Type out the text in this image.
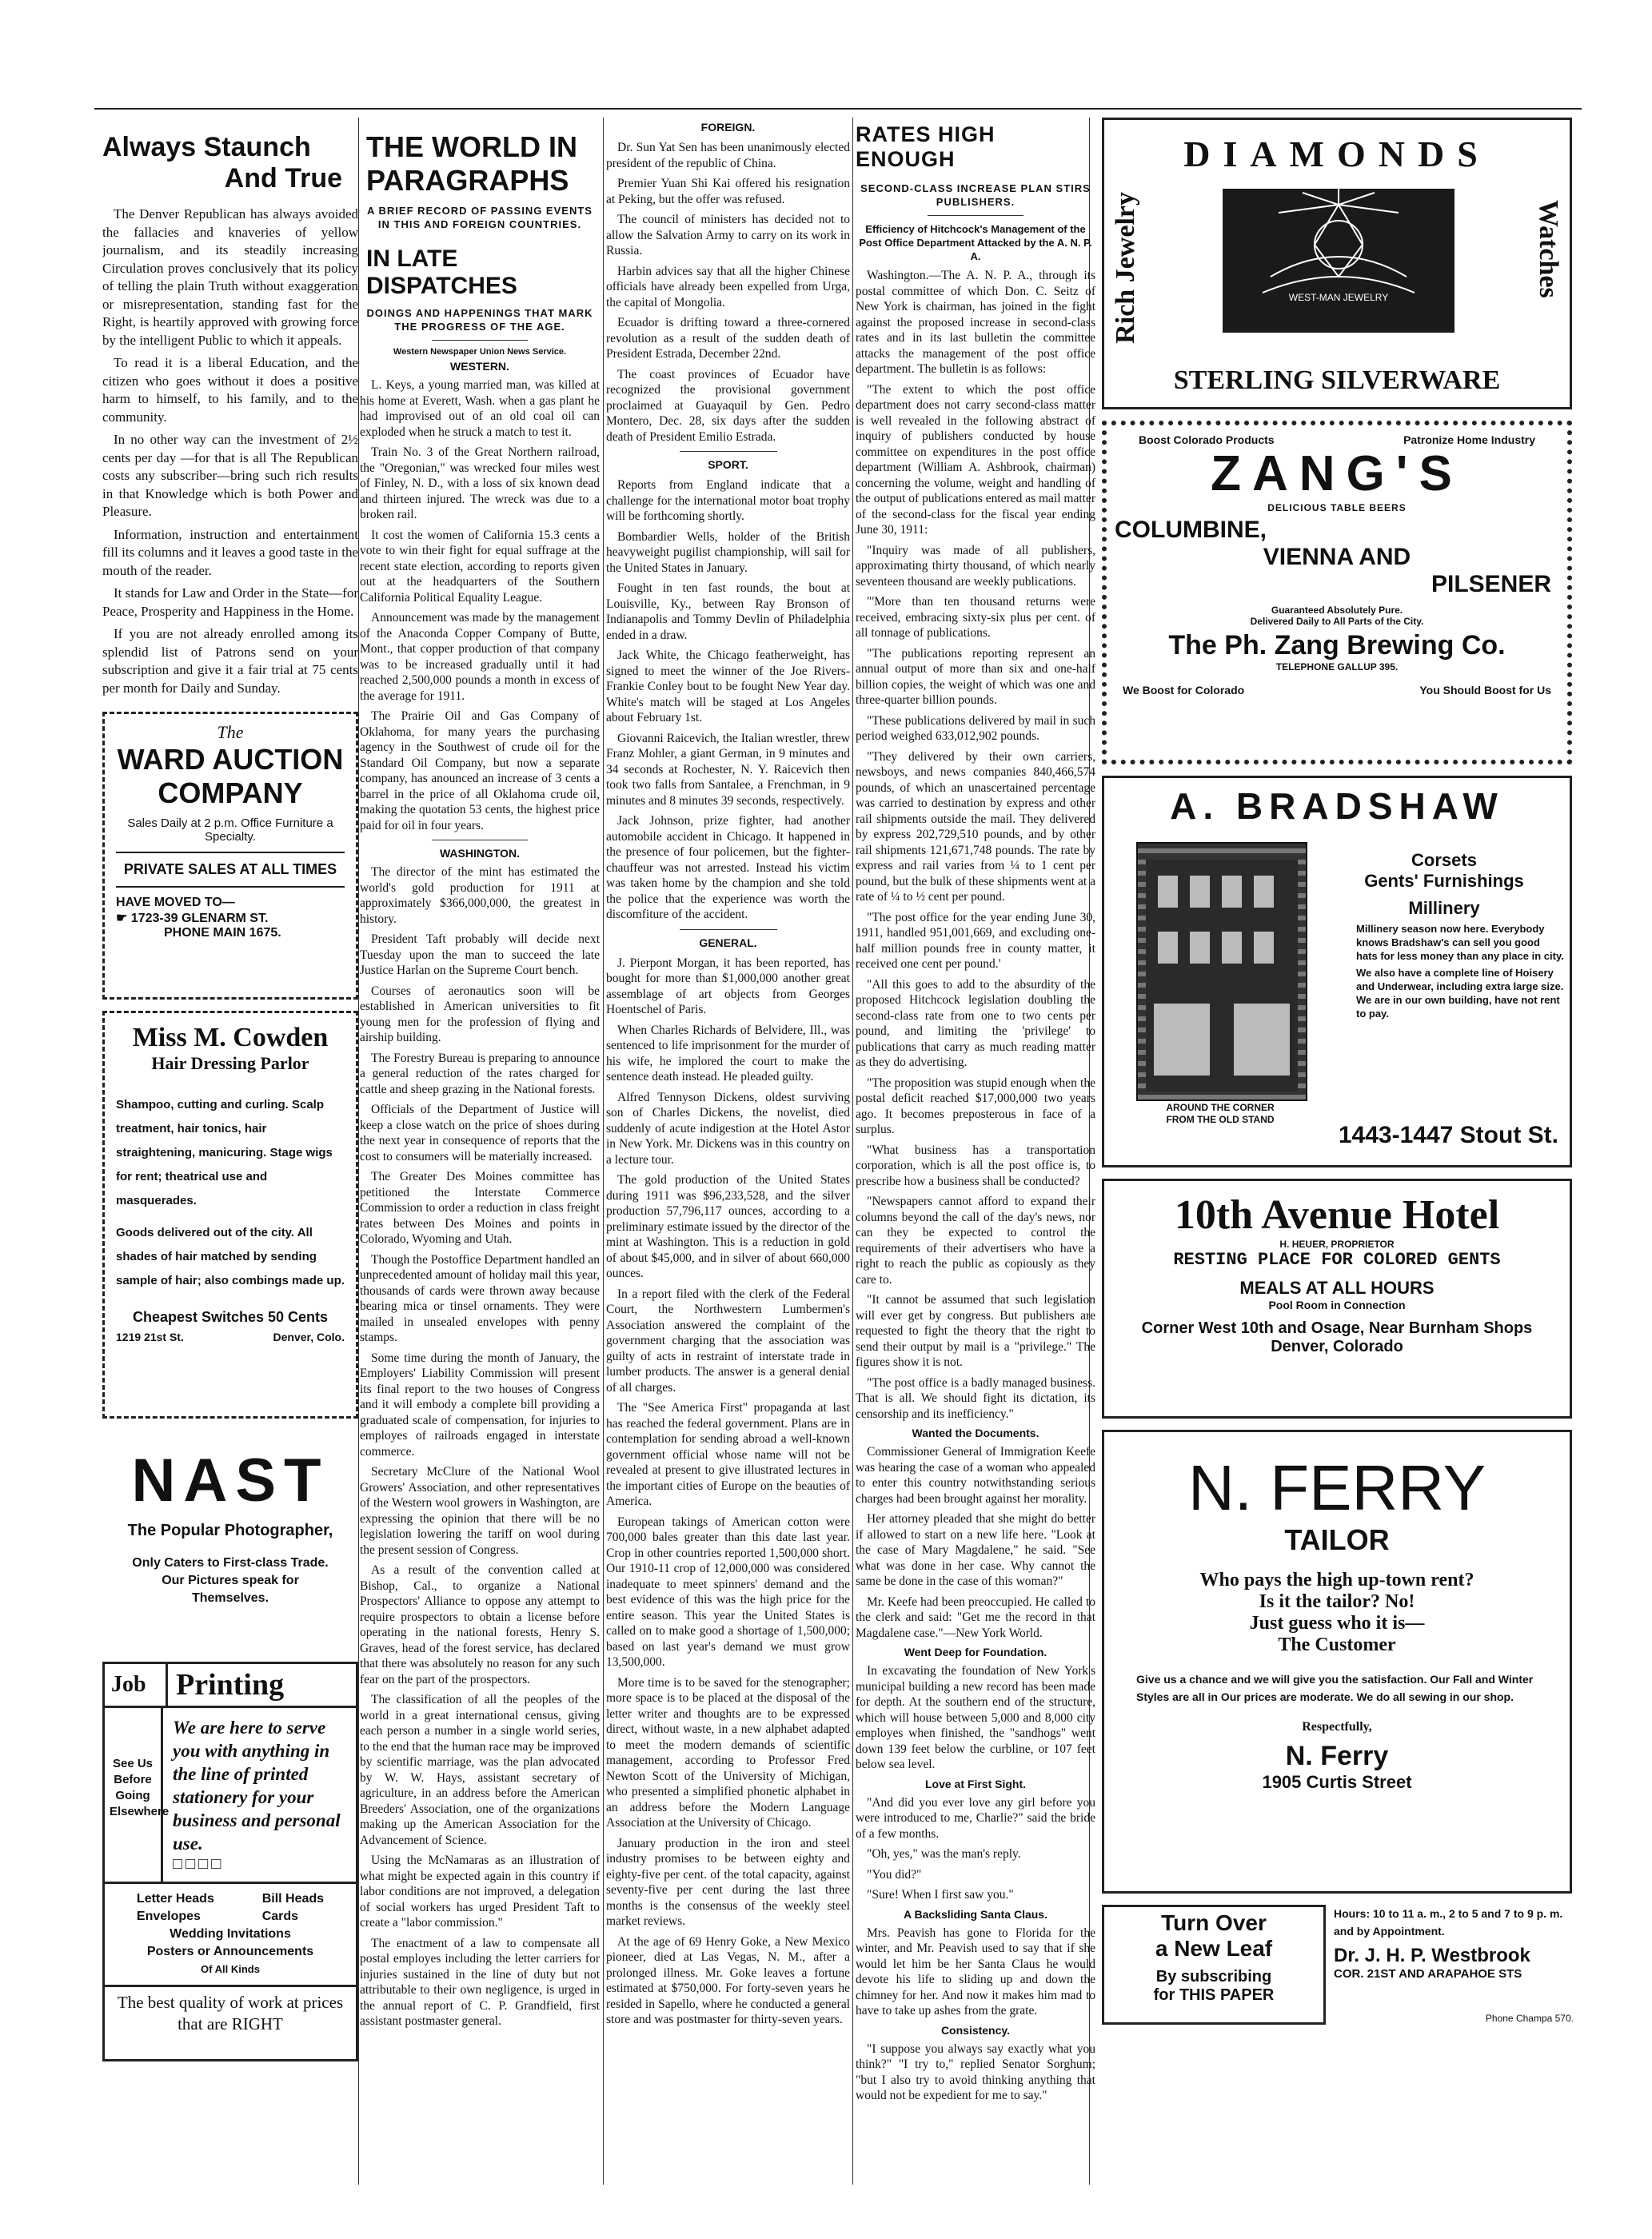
Always Staunch
And True

The Denver Republican has always avoided the fallacies and knaveries of yellow journalism, and its steadily increasing Circulation proves conclusively that its policy of telling the plain Truth without exaggeration or misrepresentation, standing fast for the Right, is heartily approved with growing force by the intelligent Public to which it appeals.

To read it is a liberal Education, and the citizen who goes without it does a positive harm to himself, to his family, and to the community.

In no other way can the investment of 2½ cents per day —for that is all The Republican costs any subscriber—bring such rich results in that Knowledge which is both Power and Pleasure.

Information, instruction and entertainment fill its columns and it leaves a good taste in the mouth of the reader.

It stands for Law and Order in the State—for Peace, Prosperity and Happiness in the Home.

If you are not already enrolled among its splendid list of Patrons send on your subscription and give it a fair trial at 75 cents per month for Daily and Sunday.

The
WARD AUCTION
COMPANY
Sales Daily at 2 p.m. Office Furniture a Specialty.
PRIVATE SALES AT ALL TIMES
HAVE MOVED TO—
☛ 1723-39 GLENARM ST.
PHONE MAIN 1675.
Miss M. Cowden
Hair Dressing Parlor

Shampoo, cutting and curling. Scalp treatment, hair tonics, hair straightening, manicuring. Stage wigs for rent; theatrical use and masquerades.

Goods delivered out of the city. All shades of hair matched by sending sample of hair; also combings made up.

Cheapest Switches 50 Cents
1219 21st St.	Denver, Colo.
NAST
The Popular Photographer,
Only Caters to First-class Trade. Our Pictures speak for Themselves.
Job Printing
See Us Before Going Elsewhere
We are here to serve you with anything in the line of printed stationery for your business and personal use.
□□□□
Letter Heads
Envelopes
Bill Heads
Cards
Wedding Invitations
Posters or Announcements
Of All Kinds
The best quality of work at prices that are RIGHT
THE WORLD IN PARAGRAPHS
A BRIEF RECORD OF PASSING EVENTS IN THIS AND FOREIGN COUNTRIES.
IN LATE DISPATCHES
DOINGS AND HAPPENINGS THAT MARK THE PROGRESS OF THE AGE.
Western Newspaper Union News Service.
WESTERN.

L. Keys, a young married man, was killed at his home at Everett, Wash. when a gas plant he had improvised out of an old coal oil can exploded when he struck a match to test it.

Train No. 3 of the Great Northern railroad, the "Oregonian," was wrecked four miles west of Finley, N. D., with a loss of six known dead and thirteen injured. The wreck was due to a broken rail.

It cost the women of California 15.3 cents a vote to win their fight for equal suffrage at the recent state election, according to reports given out at the headquarters of the Southern California Political Equality League.

Announcement was made by the management of the Anaconda Copper Company of Butte, Mont., that copper production of that company was to be increased gradually until it had reached 2,500,000 pounds a month in excess of the average for 1911.

The Prairie Oil and Gas Company of Oklahoma, for many years the purchasing agency in the Southwest of crude oil for the Standard Oil Company, but now a separate company, has anounced an increase of 3 cents a barrel in the price of all Oklahoma crude oil, making the quotation 53 cents, the highest price paid for oil in four years.

WASHINGTON.

The director of the mint has estimated the world's gold production for 1911 at approximately $366,000,000, the greatest in history.

President Taft probably will decide next Tuesday upon the man to succeed the late Justice Harlan on the Supreme Court bench.

Courses of aeronautics soon will be established in American universities to fit young men for the profession of flying and airship building.

The Forestry Bureau is preparing to announce a general reduction of the rates charged for cattle and sheep grazing in the National forests.

Officials of the Department of Justice will keep a close watch on the price of shoes during the next year in consequence of reports that the cost to consumers will be materially increased.

The Greater Des Moines committee has petitioned the Interstate Commerce Commission to order a reduction in class freight rates between Des Moines and points in Colorado, Wyoming and Utah.

Though the Postoffice Department handled an unprecedented amount of holiday mail this year, thousands of cards were thrown away because bearing mica or tinsel ornaments. They were mailed in unsealed envelopes with penny stamps.

Some time during the month of January, the Employers' Liability Commission will present its final report to the two houses of Congress and it will embody a complete bill providing a graduated scale of compensation, for injuries to employes of railroads engaged in interstate commerce.

Secretary McClure of the National Wool Growers' Association, and other representatives of the Western wool growers in Washington, are expressing the opinion that there will be no legislation lowering the tariff on wool during the present session of Congress.

As a result of the convention called at Bishop, Cal., to organize a National Prospectors' Alliance to oppose any attempt to require prospectors to obtain a license before operating in the national forests, Henry S. Graves, head of the forest service, has declared that there was absolutely no reason for any such fear on the part of the prospectors.

The classification of all the peoples of the world in a great international census, giving each person a number in a single world series, to the end that the human race may be improved by scientific marriage, was the plan advocated by W. W. Hays, assistant secretary of agriculture, in an address before the American Breeders' Association, one of the organizations making up the American Association for the Advancement of Science.

Using the McNamaras as an illustration of what might be expected again in this country if labor conditions are not improved, a delegation of social workers has urged President Taft to create a "labor commission."

The enactment of a law to compensate all postal employes including the letter carriers for injuries sustained in the line of duty but not attributable to their own negligence, is urged in the annual report of C. P. Grandfield, first assistant postmaster general.

FOREIGN.

Dr. Sun Yat Sen has been unanimously elected president of the republic of China.

Premier Yuan Shi Kai offered his resignation at Peking, but the offer was refused.

The council of ministers has decided not to allow the Salvation Army to carry on its work in Russia.

Harbin advices say that all the higher Chinese officials have already been expelled from Urga, the capital of Mongolia.

Ecuador is drifting toward a three-cornered revolution as a result of the sudden death of President Estrada, December 22nd.

The coast provinces of Ecuador have recognized the provisional government proclaimed at Guayaquil by Gen. Pedro Montero, Dec. 28, six days after the sudden death of President Emilio Estrada.

SPORT.

Reports from England indicate that a challenge for the international motor boat trophy will be forthcoming shortly.

Bombardier Wells, holder of the British heavyweight pugilist championship, will sail for the United States in January.

Fought in ten fast rounds, the bout at Louisville, Ky., between Ray Bronson of Indianapolis and Tommy Devlin of Philadelphia ended in a draw.

Jack White, the Chicago featherweight, has signed to meet the winner of the Joe Rivers-Frankie Conley bout to be fought New Year day. White's match will be staged at Los Angeles about February 1st.

Giovanni Raicevich, the Italian wrestler, threw Franz Mohler, a giant German, in 9 minutes and 34 seconds at Rochester, N. Y. Raicevich then took two falls from Santalee, a Frenchman, in 9 minutes and 8 minutes 39 seconds, respectively.

Jack Johnson, prize fighter, had another automobile accident in Chicago. It happened in the presence of four policemen, but the fighter-chauffeur was not arrested. Instead his victim was taken home by the champion and she told the police that the experience was worth the discomfiture of the accident.

GENERAL.

J. Pierpont Morgan, it has been reported, has bought for more than $1,000,000 another great assemblage of art objects from Georges Hoentschel of Paris.

When Charles Richards of Belvidere, Ill., was sentenced to life imprisonment for the murder of his wife, he implored the court to make the sentence death instead. He pleaded guilty.

Alfred Tennyson Dickens, oldest surviving son of Charles Dickens, the novelist, died suddenly of acute indigestion at the Hotel Astor in New York. Mr. Dickens was in this country on a lecture tour.

The gold production of the United States during 1911 was $96,233,528, and the silver production 57,796,117 ounces, according to a preliminary estimate issued by the director of the mint at Washington. This is a reduction in gold of about $45,000, and in silver of about 660,000 ounces.

In a report filed with the clerk of the Federal Court, the Northwestern Lumbermen's Association answered the complaint of the government charging that the association was guilty of acts in restraint of interstate trade in lumber products. The answer is a general denial of all charges.

The "See America First" propaganda at last has reached the federal government. Plans are in contemplation for sending abroad a well-known government official whose name will not be revealed at present to give illustrated lectures in the important cities of Europe on the beauties of America.

European takings of American cotton were 700,000 bales greater than this date last year. Crop in other countries reported 1,500,000 short. Our 1910-11 crop of 12,000,000 was considered inadequate to meet spinners' demand and the best evidence of this was the high price for the entire season. This year the United States is called on to make good a shortage of 1,500,000; based on last year's demand we must grow 13,500,000.

More time is to be saved for the stenographer; more space is to be placed at the disposal of the letter writer and thoughts are to be expressed direct, without waste, in a new alphabet adapted to meet the modern demands of scientific management, according to Professor Fred Newton Scott of the University of Michigan, who presented a simplified phonetic alphabet in an address before the Modern Language Association at the University of Chicago.

January production in the iron and steel industry promises to be between eighty and eighty-five per cent. of the total capacity, against seventy-five per cent during the last three months is the consensus of the weekly steel market reviews.

At the age of 69 Henry Goke, a New Mexico pioneer, died at Las Vegas, N. M., after a prolonged illness. Mr. Goke leaves a fortune estimated at $750,000. For forty-seven years he resided in Sapello, where he conducted a general store and was postmaster for thirty-seven years.

RATES HIGH ENOUGH
SECOND-CLASS INCREASE PLAN STIRS PUBLISHERS.
Efficiency of Hitchcock's Management of the Post Office Department Attacked by the A. N. P. A.

Washington.—The A. N. P. A., through its postal committee of which Don. C. Seitz of New York is chairman, has joined in the fight against the proposed increase in second-class rates and in its last bulletin the committee attacks the management of the post office department. The bulletin is as follows:

"The extent to which the post office department does not carry second-class matter is well revealed in the following abstract of inquiry of publishers conducted by house committee on expenditures in the post office department (William A. Ashbrook, chairman) concerning the volume, weight and handling of the output of publications entered as mail matter of the second-class for the fiscal year ending June 30, 1911:

"Inquiry was made of all publishers, approximating thirty thousand, of which nearly seventeen thousand are weekly publications.

"'More than ten thousand returns were received, embracing sixty-six plus per cent. of all tonnage of publications.

"The publications reporting represent an annual output of more than six and one-half billion copies, the weight of which was one and three-quarter billion pounds.

"These publications delivered by mail in such period weighed 633,012,902 pounds.

"They delivered by their own carriers, newsboys, and news companies 840,466,574 pounds, of which an unascertained percentage was carried to destination by express and other rail shipments outside the mail. They delivered by express 202,729,510 pounds, and by other rail shipments 121,671,748 pounds. The rate by express and rail varies from ¼ to 1 cent per pound, but the bulk of these shipments went at a rate of ¼ to ½ cent per pound.

"The post office for the year ending June 30, 1911, handled 951,001,669, and excluding one-half million pounds free in county matter, it received one cent per pound.'

"All this goes to add to the absurdity of the proposed Hitchcock legislation doubling the second-class rate from one to two cents per pound, and limiting the 'privilege' to publications that carry as much reading matter as they do advertising.

"The proposition was stupid enough when the postal deficit reached $17,000,000 two years ago. It becomes preposterous in face of a surplus.

"What business has a transportation corporation, which is all the post office is, to prescribe how a business shall be conducted?

"Newspapers cannot afford to expand their columns beyond the call of the day's news, nor can they be expected to control the requirements of their advertisers who have a right to reach the public as copiously as they care to.

"It cannot be assumed that such legislation will ever get by congress. But publishers are requested to fight the theory that the right to send their output by mail is a "privilege." The figures show it is not.

"The post office is a badly managed business. That is all. We should fight its dictation, its censorship and its inefficiency."

Wanted the Documents.

Commissioner General of Immigration Keefe was hearing the case of a woman who appealed to enter this country notwithstanding serious charges had been brought against her morality.

Her attorney pleaded that she might do better if allowed to start on a new life here. "Look at the case of Mary Magdalene," he said. "See what was done in her case. Why cannot the same be done in the case of this woman?"

Mr. Keefe had been preoccupied. He called to the clerk and said: "Get me the record in that Magdalene case."—New York World.

Went Deep for Foundation.

In excavating the foundation of New York's municipal building a new record has been made for depth. At the southern end of the structure, which will house between 5,000 and 8,000 city employes when finished, the "sandhogs" went down 139 feet below the curbline, or 107 feet below sea level.

Love at First Sight.

"And did you ever love any girl before you were introduced to me, Charlie?" said the bride of a few months.

"Oh, yes," was the man's reply.

"You did?"

"Sure! When I first saw you."

A Backsliding Santa Claus.

Mrs. Peavish has gone to Florida for the winter, and Mr. Peavish used to say that if she would let him be her Santa Claus he would devote his life to sliding up and down the chimney for her. And now it makes him mad to have to take up ashes from the grate.

Consistency.

"I suppose you always say exactly what you think?" "I try to," replied Senator Sorghum; "but I also try to avoid thinking anything that would not be expedient for me to say."

DIAMONDS
Rich Jewelry	Watches
WEST-MAN JEWELRY
STERLING SILVERWARE
Boost Colorado Products	Patronize Home Industry
ZANG'S
DELICIOUS TABLE BEERS
COLUMBINE,
VIENNA AND
PILSENER
Guaranteed Absolutely Pure.
Delivered Daily to All Parts of the City.
The Ph. Zang Brewing Co.
TELEPHONE GALLUP 395.
We Boost for Colorado	You Should Boost for Us
A. BRADSHAW
AROUND THE CORNER
FROM THE OLD STAND
Corsets
Gents' Furnishings
Millinery

Millinery season now here. Everybody knows Bradshaw's can sell you good hats for less money than any place in city.

We also have a complete line of Hoisery and Underwear, including extra large size. We are in our own building, have not rent to pay.

1443-1447 Stout St.
10th Avenue Hotel
H. HEUER, PROPRIETOR
RESTING PLACE FOR COLORED GENTS
MEALS AT ALL HOURS
Pool Room in Connection
Corner West 10th and Osage, Near Burnham Shops
Denver, Colorado
N. FERRY
TAILOR
Who pays the high up-town rent?
Is it the tailor? No!
Just guess who it is—
The Customer

Give us a chance and we will give you the satisfaction. Our Fall and Winter Styles are all in Our prices are moderate. We do all sewing in our shop.

Respectfully,
N. Ferry
1905 Curtis Street
Turn Over
a New Leaf
By subscribing
for THIS PAPER
Hours: 10 to 11 a. m., 2 to 5 and 7 to 9 p. m. and by Appointment.
Dr. J. H. P. Westbrook
COR. 21ST AND ARAPAHOE STS
Phone Champa 570.
